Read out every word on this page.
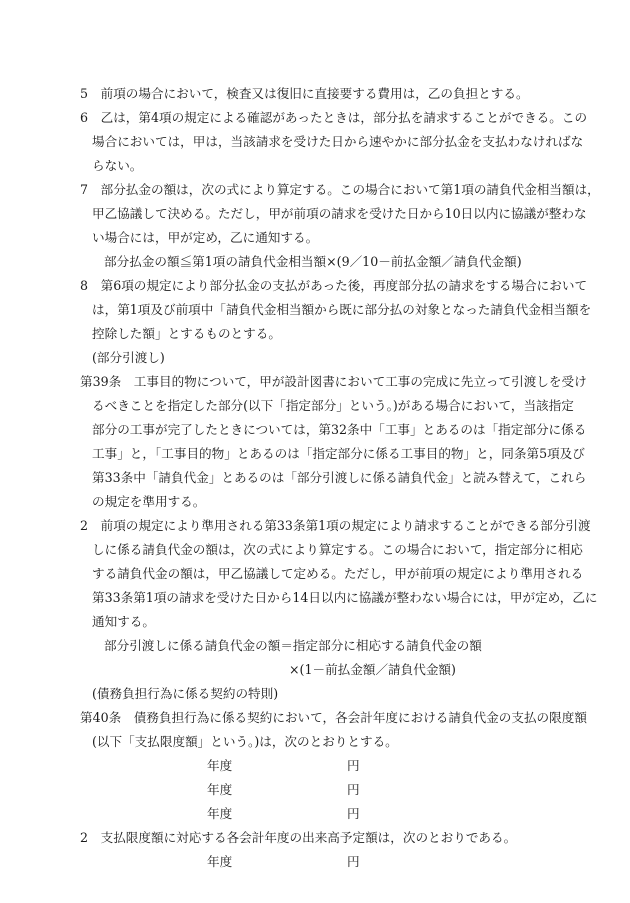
5　前項の場合において，検査又は復旧に直接要する費用は，乙の負担とする。
6　乙は，第4項の規定による確認があったときは，部分払を請求することができる。この
場合においては，甲は，当該請求を受けた日から速やかに部分払金を支払わなければな
らない。
7　部分払金の額は，次の式により算定する。この場合において第1項の請負代金相当額は，
甲乙協議して決める。ただし，甲が前項の請求を受けた日から10日以内に協議が整わな
い場合には，甲が定め，乙に通知する。
部分払金の額≦第1項の請負代金相当額×(9／10－前払金額／請負代金額)
8　第6項の規定により部分払金の支払があった後，再度部分払の請求をする場合において
は，第1項及び前項中「請負代金相当額から既に部分払の対象となった請負代金相当額を
控除した額」とするものとする。
(部分引渡し)
第39条　工事目的物について，甲が設計図書において工事の完成に先立って引渡しを受け
るべきことを指定した部分(以下「指定部分」という。)がある場合において，当該指定
部分の工事が完了したときについては，第32条中「工事」とあるのは「指定部分に係る
工事」と，「工事目的物」とあるのは「指定部分に係る工事目的物」と，同条第5項及び
第33条中「請負代金」とあるのは「部分引渡しに係る請負代金」と読み替えて，これら
の規定を準用する。
2　前項の規定により準用される第33条第1項の規定により請求することができる部分引渡
しに係る請負代金の額は，次の式により算定する。この場合において，指定部分に相応
する請負代金の額は，甲乙協議して定める。ただし，甲が前項の規定により準用される
第33条第1項の請求を受けた日から14日以内に協議が整わない場合には，甲が定め，乙に
通知する。
部分引渡しに係る請負代金の額＝指定部分に相応する請負代金の額
×(1－前払金額／請負代金額)
(債務負担行為に係る契約の特則)
第40条　債務負担行為に係る契約において，各会計年度における請負代金の支払の限度額
(以下「支払限度額」という。)は，次のとおりとする。
年度	円
年度	円
年度	円
2　支払限度額に対応する各会計年度の出来高予定額は，次のとおりである。
年度	円
